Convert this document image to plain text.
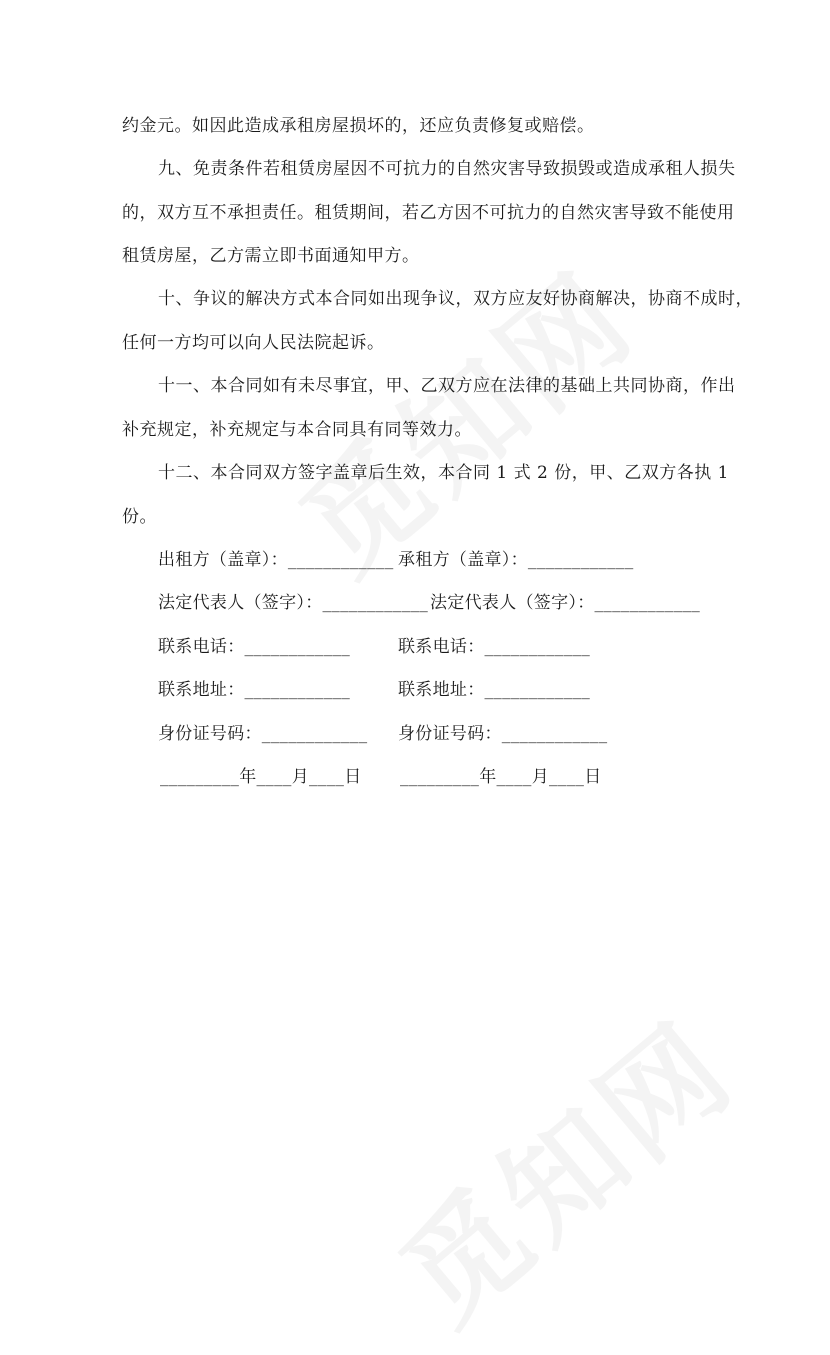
约金元。如因此造成承租房屋损坏的，还应负责修复或赔偿。
九、免责条件若租赁房屋因不可抗力的自然灾害导致损毁或造成承租人损失
的，双方互不承担责任。租赁期间，若乙方因不可抗力的自然灾害导致不能使用
租赁房屋，乙方需立即书面通知甲方。
十、争议的解决方式本合同如出现争议，双方应友好协商解决，协商不成时，
任何一方均可以向人民法院起诉。
十一、本合同如有未尽事宜，甲、乙双方应在法律的基础上共同协商，作出
补充规定，补充规定与本合同具有同等效力。
十二、本合同双方签字盖章后生效，本合同 1 式 2 份，甲、乙双方各执 1
份。
出租方（盖章）：____________ 承租方（盖章）：____________
法定代表人（签字）：____________ 法定代表人（签字）：____________
联系电话：____________	联系电话：____________
联系地址：____________	联系地址：____________
身份证号码：____________ 身份证号码：____________
_________年____月____日 _________年____月____日
